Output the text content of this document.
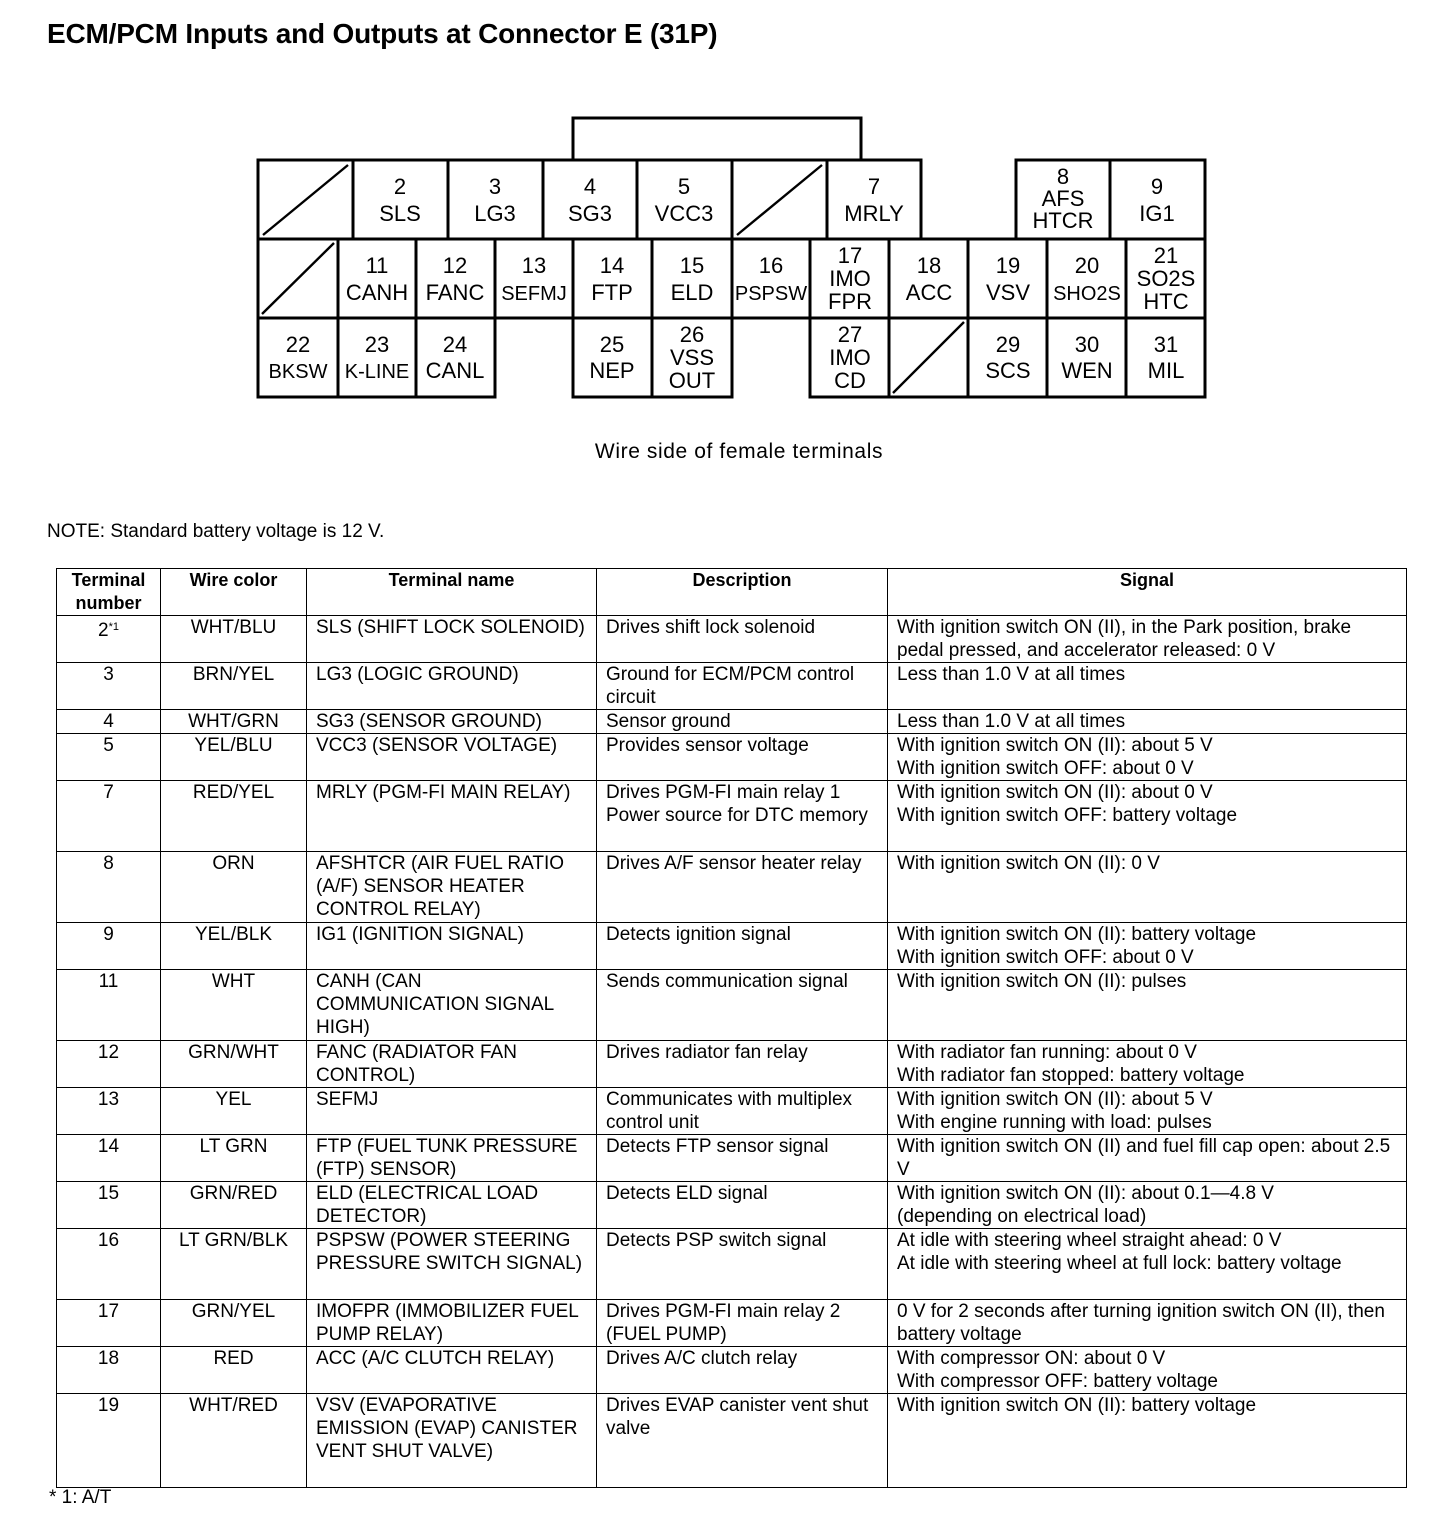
ECM/PCM Inputs and Outputs at Connector E (31P)
2
SLS
3
LG3
4
SG3
5
VCC3
7
MRLY
8
AFS
HTCR
9
IG1
11
CANH
12
FANC
13
SEFMJ
14
FTP
15
ELD
16
PSPSW
17
IMO
FPR
18
ACC
19
VSV
20
SHO2S
21
SO2S
HTC
22
BKSW
23
K-LINE
24
CANL
25
NEP
26
VSS
OUT
27
IMO
CD
29
SCS
30
WEN
31
MIL
Wire side of female terminals
NOTE: Standard battery voltage is 12 V.
Terminal number	Wire color	Terminal name	Description	Signal
2$^{*1}$	WHT/BLU	SLS (SHIFT LOCK SOLENOID)	Drives shift lock solenoid	With ignition switch ON (II), in the Park position, brake pedal pressed, and accelerator released: 0 V
3	BRN/YEL	LG3 (LOGIC GROUND)	Ground for ECM/PCM control circuit	Less than 1.0 V at all times
4	WHT/GRN	SG3 (SENSOR GROUND)	Sensor ground	Less than 1.0 V at all times
5	YEL/BLU	VCC3 (SENSOR VOLTAGE)	Provides sensor voltage	With ignition switch ON (II): about 5 V
With ignition switch OFF: about 0 V
7	RED/YEL	MRLY (PGM-FI MAIN RELAY)	Drives PGM-FI main relay 1
Power source for DTC memory	With ignition switch ON (II): about 0 V
With ignition switch OFF: battery voltage
8	ORN	AFSHTCR (AIR FUEL RATIO (A/F) SENSOR HEATER CONTROL RELAY)	Drives A/F sensor heater relay	With ignition switch ON (II): 0 V
9	YEL/BLK	IG1 (IGNITION SIGNAL)	Detects ignition signal	With ignition switch ON (II): battery voltage
With ignition switch OFF: about 0 V
11	WHT	CANH (CAN COMMUNICATION SIGNAL HIGH)	Sends communication signal	With ignition switch ON (II): pulses
12	GRN/WHT	FANC (RADIATOR FAN CONTROL)	Drives radiator fan relay	With radiator fan running: about 0 V
With radiator fan stopped: battery voltage
13	YEL	SEFMJ	Communicates with multiplex control unit	With ignition switch ON (II): about 5 V
With engine running with load: pulses
14	LT GRN	FTP (FUEL TUNK PRESSURE (FTP) SENSOR)	Detects FTP sensor signal	With ignition switch ON (II) and fuel fill cap open: about 2.5 V
15	GRN/RED	ELD (ELECTRICAL LOAD DETECTOR)	Detects ELD signal	With ignition switch ON (II): about 0.1—4.8 V
(depending on electrical load)
16	LT GRN/BLK	PSPSW (POWER STEERING PRESSURE SWITCH SIGNAL)	Detects PSP switch signal	At idle with steering wheel straight ahead: 0 V
At idle with steering wheel at full lock: battery voltage
17	GRN/YEL	IMOFPR (IMMOBILIZER FUEL PUMP RELAY)	Drives PGM-FI main relay 2 (FUEL PUMP)	0 V for 2 seconds after turning ignition switch ON (II), then battery voltage
18	RED	ACC (A/C CLUTCH RELAY)	Drives A/C clutch relay	With compressor ON: about 0 V
With compressor OFF: battery voltage
19	WHT/RED	VSV (EVAPORATIVE EMISSION (EVAP) CANISTER VENT SHUT VALVE)	Drives EVAP canister vent shut valve	With ignition switch ON (II): battery voltage
* 1: A/T
